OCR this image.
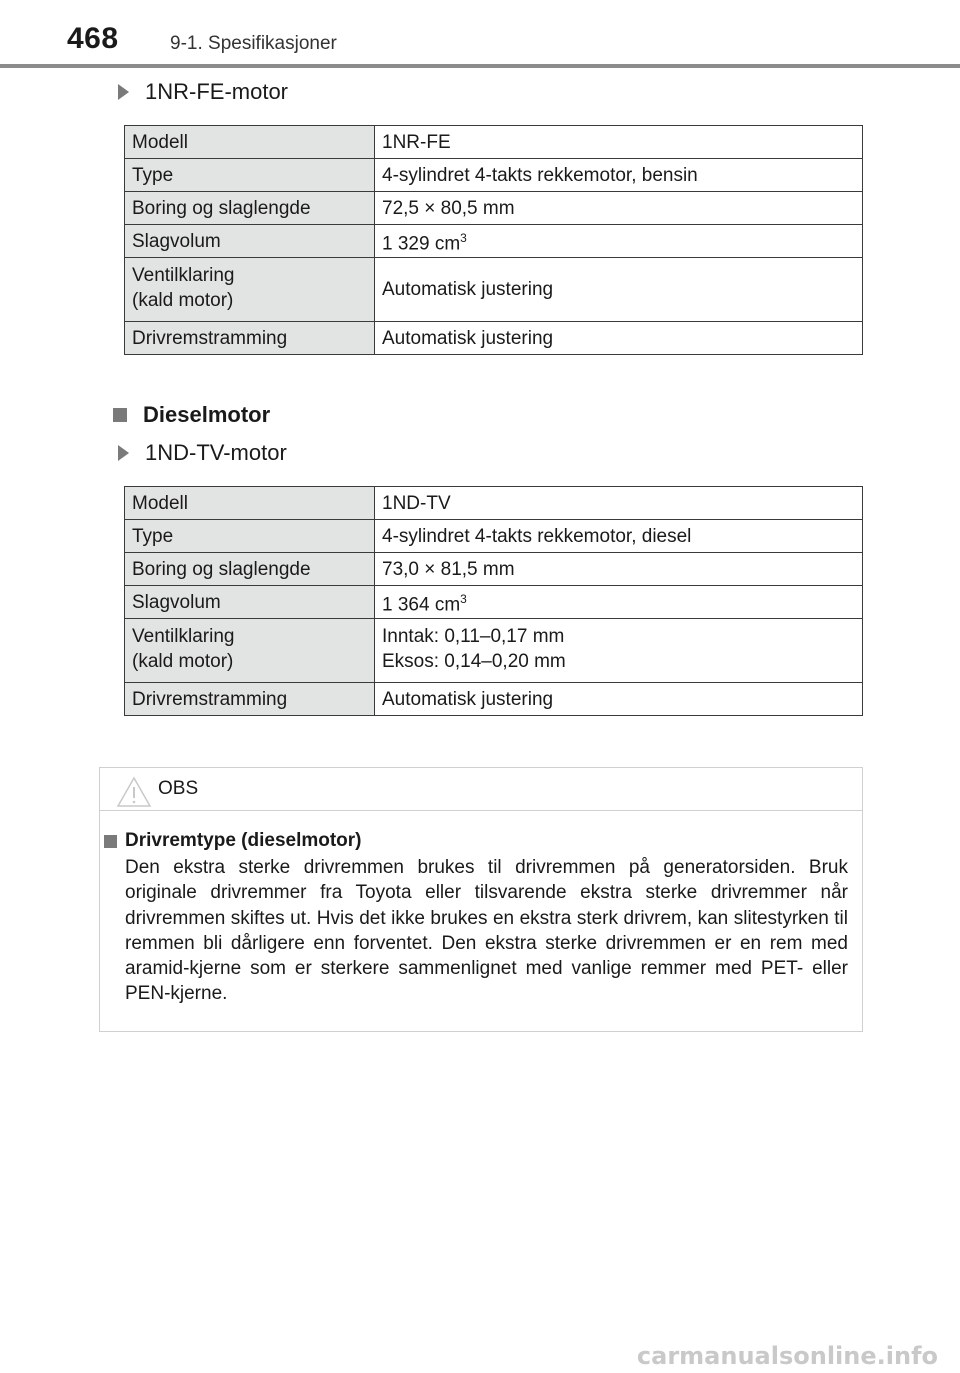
468	9-1. Spesifikasjoner
1NR-FE-motor
Modell	1NR-FE
Type	4-sylindret 4-takts rekkemotor, bensin
Boring og slaglengde	72,5 × 80,5 mm
Slagvolum	1 329 $cm^3$
Ventilklaring
(kald motor)	Automatisk justering
Drivremstramming	Automatisk justering
Dieselmotor
1ND-TV-motor
Modell	1ND-TV
Type	4-sylindret 4-takts rekkemotor, diesel
Boring og slaglengde	73,0 × 81,5 mm
Slagvolum	1 364 $cm^3$
Ventilklaring
(kald motor)	Inntak: 0,11–0,17 mm
Eksos: 0,14–0,20 mm
Drivremstramming	Automatisk justering
OBS
Drivremtype (dieselmotor)
Den ekstra sterke drivremmen brukes til drivremmen på generatorsiden. Bruk originale drivremmer fra Toyota eller tilsvarende ekstra sterke drivremmer når drivremmen skiftes ut. Hvis det ikke brukes en ekstra sterk drivrem, kan slitestyrken til remmen bli dårligere enn forventet. Den ekstra sterke drivremmen er en rem med aramid-kjerne som er sterkere sammenlignet med vanlige remmer med PET- eller PEN-kjerne.
carmanualsonline.info
